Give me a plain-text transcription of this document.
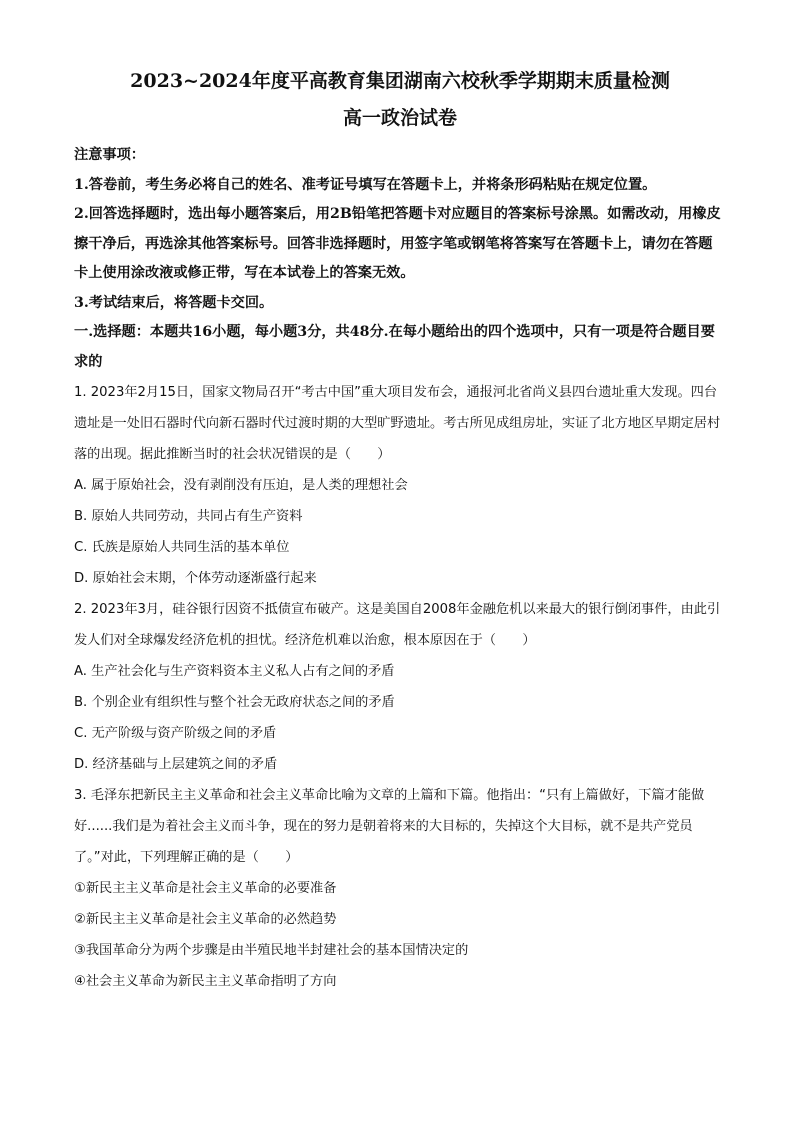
2023~2024年度平高教育集团湖南六校秋季学期期末质量检测
高一政治试卷

注意事项：

1.答卷前，考生务必将自己的姓名、准考证号填写在答题卡上，并将条形码粘贴在规定位置。

2.回答选择题时，选出每小题答案后，用2B铅笔把答题卡对应题目的答案标号涂黑。如需改动，用橡皮擦干净后，再选涂其他答案标号。回答非选择题时，用签字笔或钢笔将答案写在答题卡上，请勿在答题卡上使用涂改液或修正带，写在本试卷上的答案无效。

3.考试结束后，将答题卡交回。

一.选择题：本题共16小题，每小题3分，共48分.在每小题给出的四个选项中，只有一项是符合题目要求的

1. 2023年2月15日，国家文物局召开“考古中国”重大项目发布会，通报河北省尚义县四台遗址重大发现。四台遗址是一处旧石器时代向新石器时代过渡时期的大型旷野遗址。考古所见成组房址，实证了北方地区早期定居村落的出现。据此推断当时的社会状况错误的是（　　）

A. 属于原始社会，没有剥削没有压迫，是人类的理想社会

B. 原始人共同劳动，共同占有生产资料

C. 氏族是原始人共同生活的基本单位

D. 原始社会末期，个体劳动逐渐盛行起来

2. 2023年3月，硅谷银行因资不抵债宣布破产。这是美国自2008年金融危机以来最大的银行倒闭事件，由此引发人们对全球爆发经济危机的担忧。经济危机难以治愈，根本原因在于（　　）

A. 生产社会化与生产资料资本主义私人占有之间的矛盾

B. 个别企业有组织性与整个社会无政府状态之间的矛盾

C. 无产阶级与资产阶级之间的矛盾

D. 经济基础与上层建筑之间的矛盾

3. 毛泽东把新民主主义革命和社会主义革命比喻为文章的上篇和下篇。他指出：“只有上篇做好，下篇才能做好......我们是为着社会主义而斗争，现在的努力是朝着将来的大目标的，失掉这个大目标，就不是共产党员了。”对此，下列理解正确的是（　　）

①新民主主义革命是社会主义革命的必要准备

②新民主主义革命是社会主义革命的必然趋势

③我国革命分为两个步骤是由半殖民地半封建社会的基本国情决定的

④社会主义革命为新民主主义革命指明了方向
